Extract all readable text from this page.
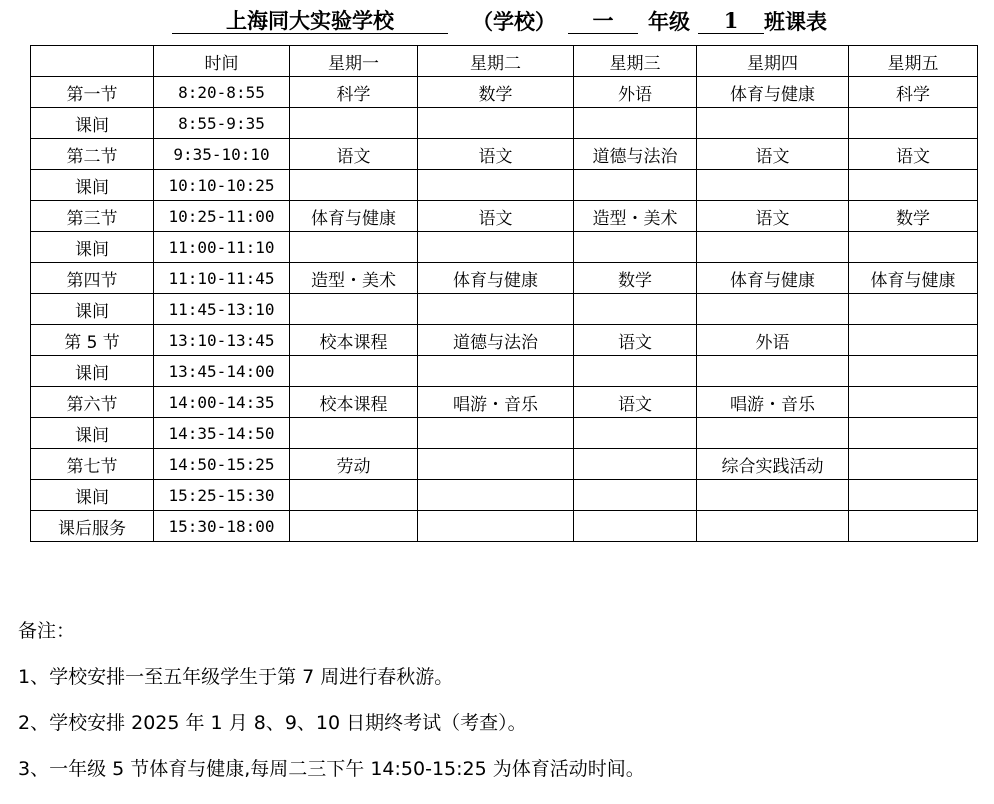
上海同大实验学校	（学校）	一	年级	1	班课表
	时间	星期一	星期二	星期三	星期四	星期五
第一节	8:20-8:55	科学	数学	外语	体育与健康	科学
课间	8:55-9:35					
第二节	9:35-10:10	语文	语文	道德与法治	语文	语文
课间	10:10-10:25					
第三节	10:25-11:00	体育与健康	语文	造型・美术	语文	数学
课间	11:00-11:10					
第四节	11:10-11:45	造型・美术	体育与健康	数学	体育与健康	体育与健康
课间	11:45-13:10					
第 5 节	13:10-13:45	校本课程	道德与法治	语文	外语	
课间	13:45-14:00					
第六节	14:00-14:35	校本课程	唱游・音乐	语文	唱游・音乐	
课间	14:35-14:50					
第七节	14:50-15:25	劳动			综合实践活动	
课间	15:25-15:30					
课后服务	15:30-18:00					
备注：
1、学校安排一至五年级学生于第 7 周进行春秋游。
2、学校安排 2025 年 1 月 8、9、10 日期终考试（考查）。
3、一年级 5 节体育与健康,每周二三下午 14:50-15:25 为体育活动时间。
